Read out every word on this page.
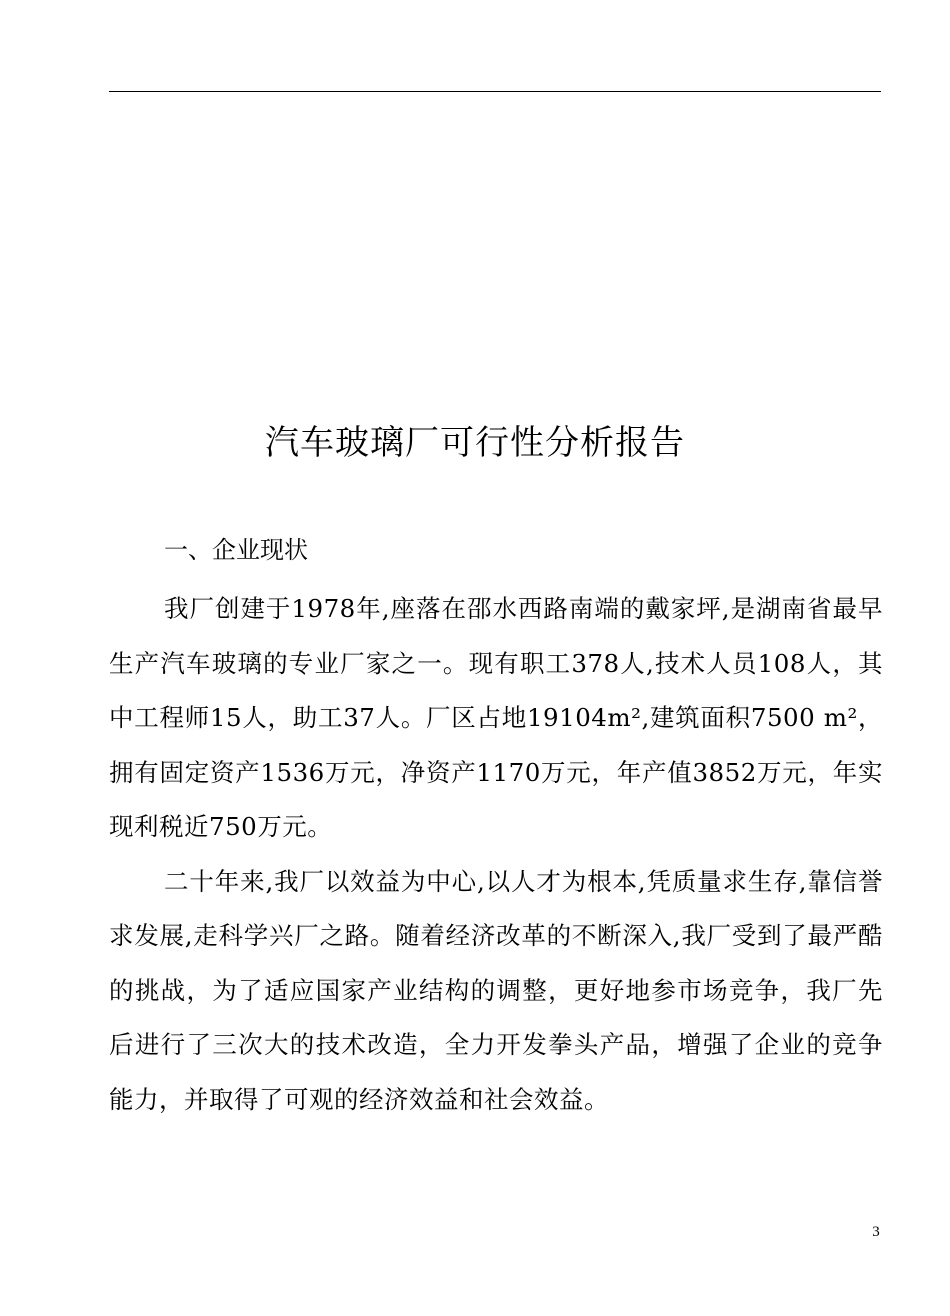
汽车玻璃厂可行性分析报告
一、企业现状

我厂创建于1978年,座落在邵水西路南端的戴家坪,是湖南省最早生产汽车玻璃的专业厂家之一。现有职工378人,技术人员108人，其中工程师15人，助工37人。厂区占地19104m²,建筑面积7500 m²，拥有固定资产1536万元，净资产1170万元，年产值3852万元，年实现利税近750万元。

二十年来,我厂以效益为中心,以人才为根本,凭质量求生存,靠信誉求发展,走科学兴厂之路。随着经济改革的不断深入,我厂受到了最严酷的挑战，为了适应国家产业结构的调整，更好地参市场竞争，我厂先后进行了三次大的技术改造，全力开发拳头产品，增强了企业的竞争能力，并取得了可观的经济效益和社会效益。

3
